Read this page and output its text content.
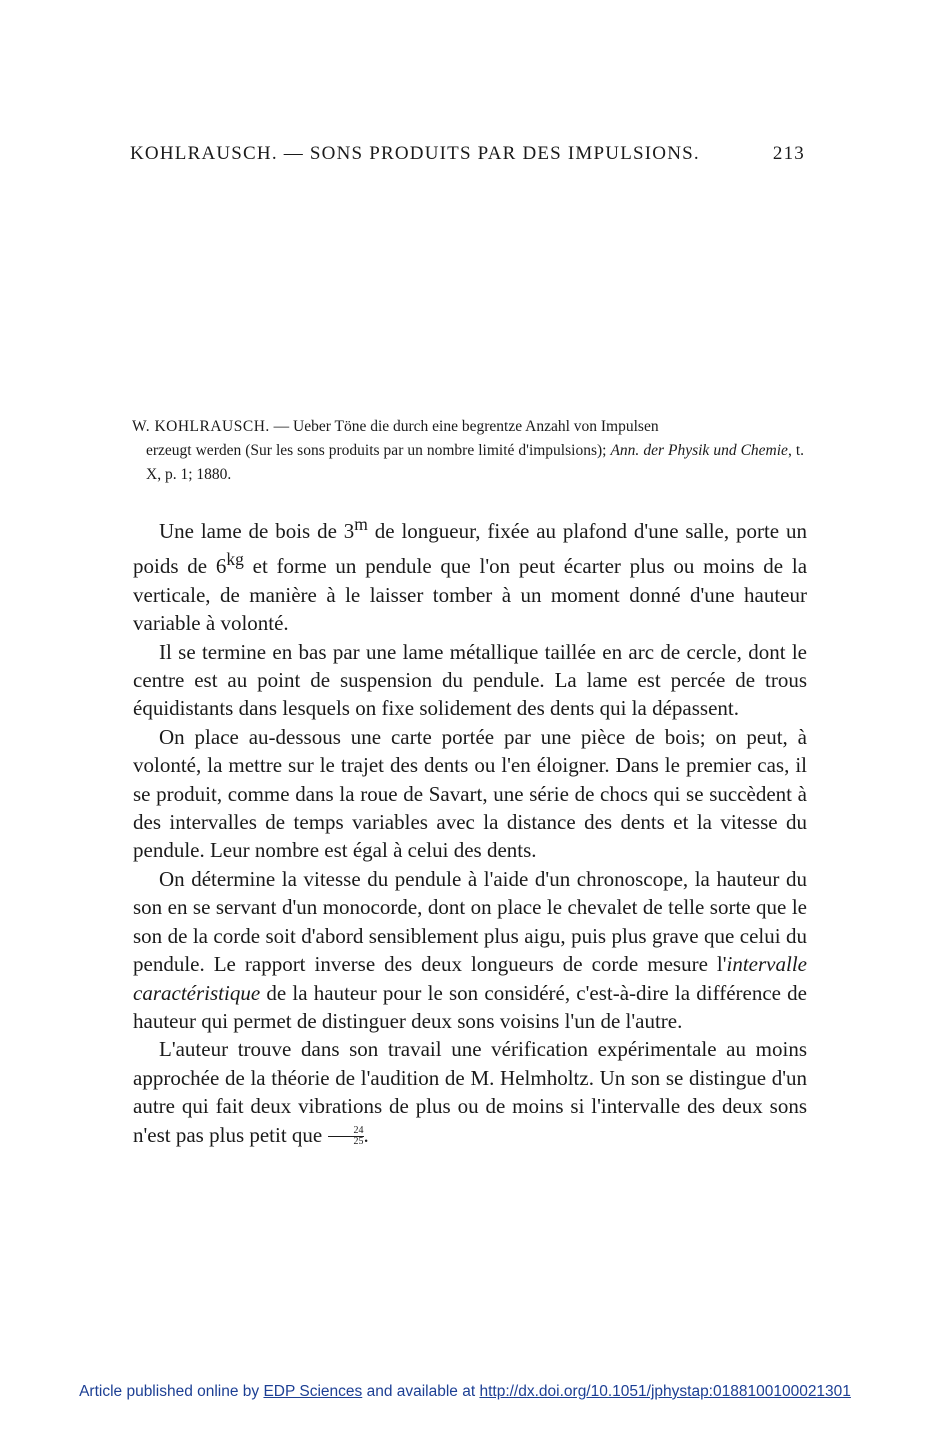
KOHLRAUSCH. — SONS PRODUITS PAR DES IMPULSIONS.	213
W. KOHLRAUSCH. — Ueber Töne die durch eine begrentze Anzahl von Impulsen
erzeugt werden (Sur les sons produits par un nombre limité d'impulsions); Ann. der Physik und Chemie, t. X, p. 1; 1880.

Une lame de bois de 3$^m$ de longueur, fixée au plafond d'une salle, porte un poids de $6^{kg}$ et forme un pendule que l'on peut écarter plus ou moins de la verticale, de manière à le laisser tomber à un moment donné d'une hauteur variable à volonté.

Il se termine en bas par une lame métallique taillée en arc de cercle, dont le centre est au point de suspension du pendule. La lame est percée de trous équidistants dans lesquels on fixe solidement des dents qui la dépassent.

On place au-dessous une carte portée par une pièce de bois; on peut, à volonté, la mettre sur le trajet des dents ou l'en éloigner. Dans le premier cas, il se produit, comme dans la roue de Savart, une série de chocs qui se succèdent à des intervalles de temps variables avec la distance des dents et la vitesse du pendule. Leur nombre est égal à celui des dents.

On détermine la vitesse du pendule à l'aide d'un chronoscope, la hauteur du son en se servant d'un monocorde, dont on place le chevalet de telle sorte que le son de la corde soit d'abord sensiblement plus aigu, puis plus grave que celui du pendule. Le rapport inverse des deux longueurs de corde mesure l'intervalle caractéristique de la hauteur pour le son considéré, c'est-à-dire la différence de hauteur qui permet de distinguer deux sons voisins l'un de l'autre.

L'auteur trouve dans son travail une vérification expérimentale au moins approchée de la théorie de l'audition de M. Helmholtz. Un son se distingue d'un autre qui fait deux vibrations de plus ou de moins si l'intervalle des deux sons n'est pas plus petit que $\frac{24}{25}$ .

Article published online by EDP Sciences and available at http://dx.doi.org/10.1051/jphystap:0188100100021301
